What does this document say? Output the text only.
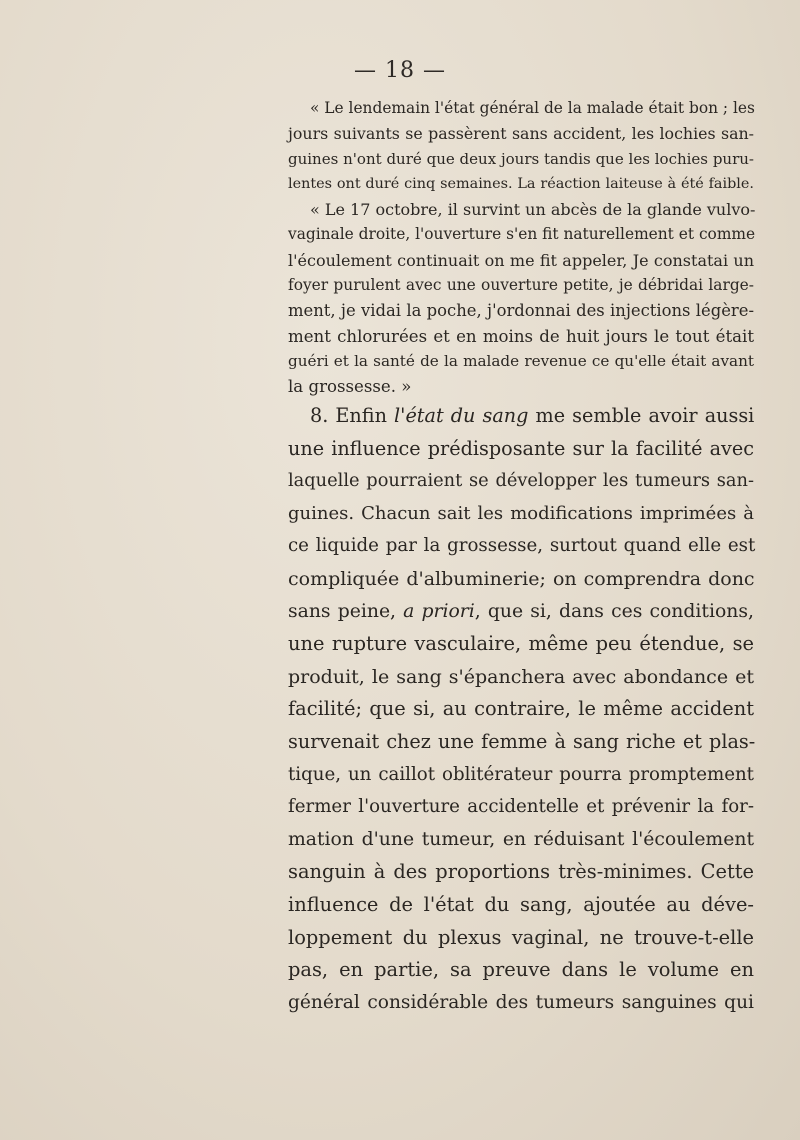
— 18 —

« Le lendemain l'état général de la malade était bon ; les
jours suivants se passèrent sans accident, les lochies san-
guines n'ont duré que deux jours tandis que les lochies puru-
lentes ont duré cinq semaines. La réaction laiteuse à été faible.

« Le 17 octobre, il survint un abcès de la glande vulvo-
vaginale droite, l'ouverture s'en fit naturellement et comme
l'écoulement continuait on me fit appeler, Je constatai un
foyer purulent avec une ouverture petite, je débridai large-
ment, je vidai la poche, j'ordonnai des injections légère-
ment chlorurées et en moins de huit jours le tout était
guéri et la santé de la malade revenue ce qu'elle était avant
la grossesse. »

8. Enfin l'état du sang me semble avoir aussi
une influence prédisposante sur la facilité avec
laquelle pourraient se développer les tumeurs san-
guines. Chacun sait les modifications imprimées à
ce liquide par la grossesse, surtout quand elle est
compliquée d'albuminerie; on comprendra donc
sans peine, a priori, que si, dans ces conditions,
une rupture vasculaire, même peu étendue, se
produit, le sang s'épanchera avec abondance et
facilité; que si, au contraire, le même accident
survenait chez une femme à sang riche et plas-
tique, un caillot oblitérateur pourra promptement
fermer l'ouverture accidentelle et prévenir la for-
mation d'une tumeur, en réduisant l'écoulement
sanguin à des proportions très-minimes. Cette
influence de l'état du sang, ajoutée au déve-
loppement du plexus vaginal, ne trouve-t-elle
pas, en partie, sa preuve dans le volume en
général considérable des tumeurs sanguines qui
